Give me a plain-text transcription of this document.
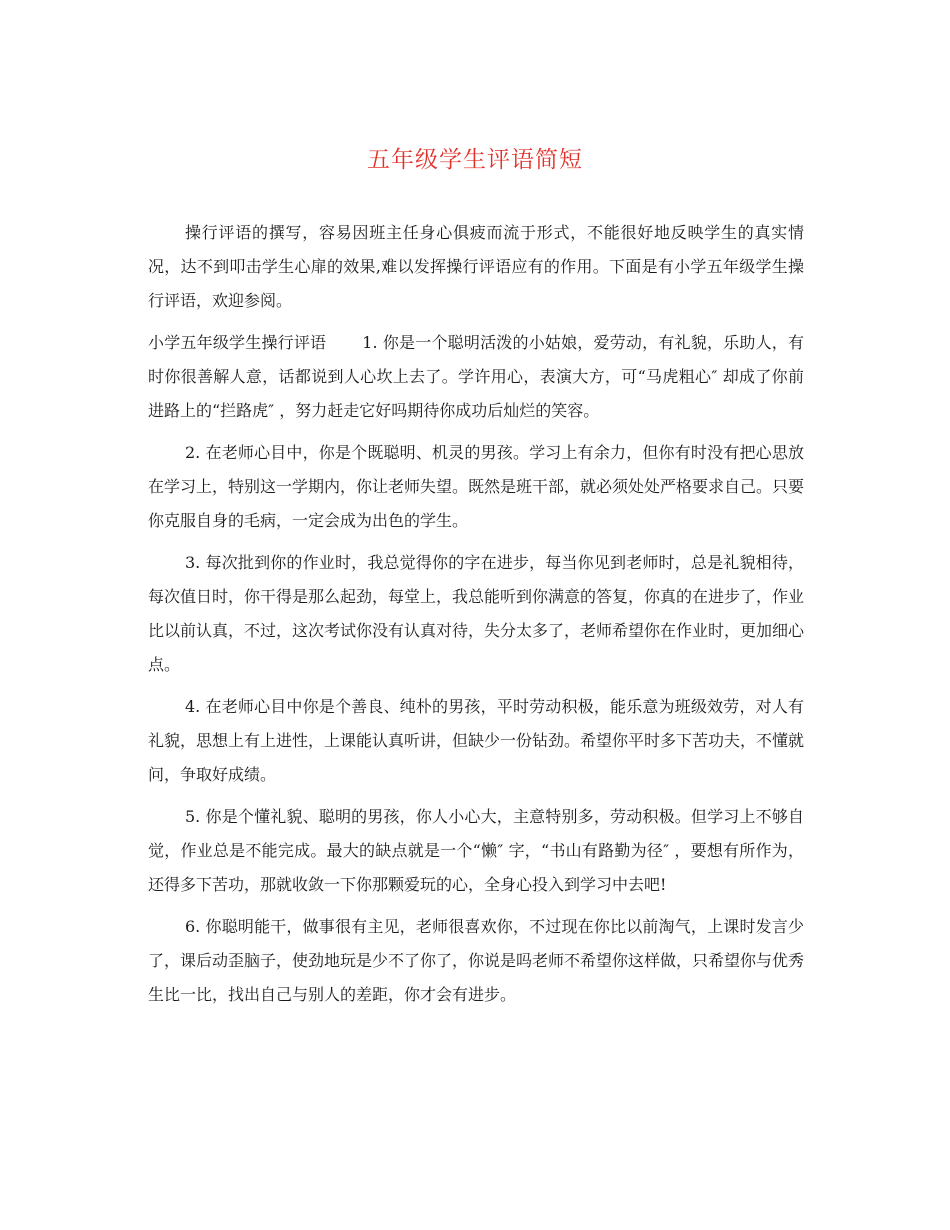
五年级学生评语简短

操行评语的撰写，容易因班主任身心俱疲而流于形式，不能很好地反映学生的真实情况，达不到叩击学生心扉的效果,难以发挥操行评语应有的作用。下面是有小学五年级学生操行评语，欢迎参阅。

小学五年级学生操行评语 1. 你是一个聪明活泼的小姑娘，爱劳动，有礼貌，乐助人，有时你很善解人意，话都说到人心坎上去了。学许用心，表演大方，可“马虎粗心″ 却成了你前进路上的“拦路虎″ ，努力赶走它好吗期待你成功后灿烂的笑容。

2. 在老师心目中，你是个既聪明、机灵的男孩。学习上有余力，但你有时没有把心思放在学习上，特别这一学期内，你让老师失望。既然是班干部，就必须处处严格要求自己。只要你克服自身的毛病，一定会成为出色的学生。

3. 每次批到你的作业时，我总觉得你的字在进步，每当你见到老师时，总是礼貌相待，每次值日时，你干得是那么起劲，每堂上，我总能听到你满意的答复，你真的在进步了，作业比以前认真，不过，这次考试你没有认真对待，失分太多了，老师希望你在作业时，更加细心点。

4. 在老师心目中你是个善良、纯朴的男孩，平时劳动积极，能乐意为班级效劳，对人有礼貌，思想上有上进性，上课能认真听讲，但缺少一份钻劲。希望你平时多下苦功夫，不懂就问，争取好成绩。

5. 你是个懂礼貌、聪明的男孩，你人小心大，主意特别多，劳动积极。但学习上不够自觉，作业总是不能完成。最大的缺点就是一个“懒″ 字，“书山有路勤为径″ ，要想有所作为，还得多下苦功，那就收敛一下你那颗爱玩的心，全身心投入到学习中去吧!

6. 你聪明能干，做事很有主见，老师很喜欢你，不过现在你比以前淘气，上课时发言少了，课后动歪脑子，使劲地玩是少不了你了，你说是吗老师不希望你这样做，只希望你与优秀生比一比，找出自己与别人的差距，你才会有进步。
